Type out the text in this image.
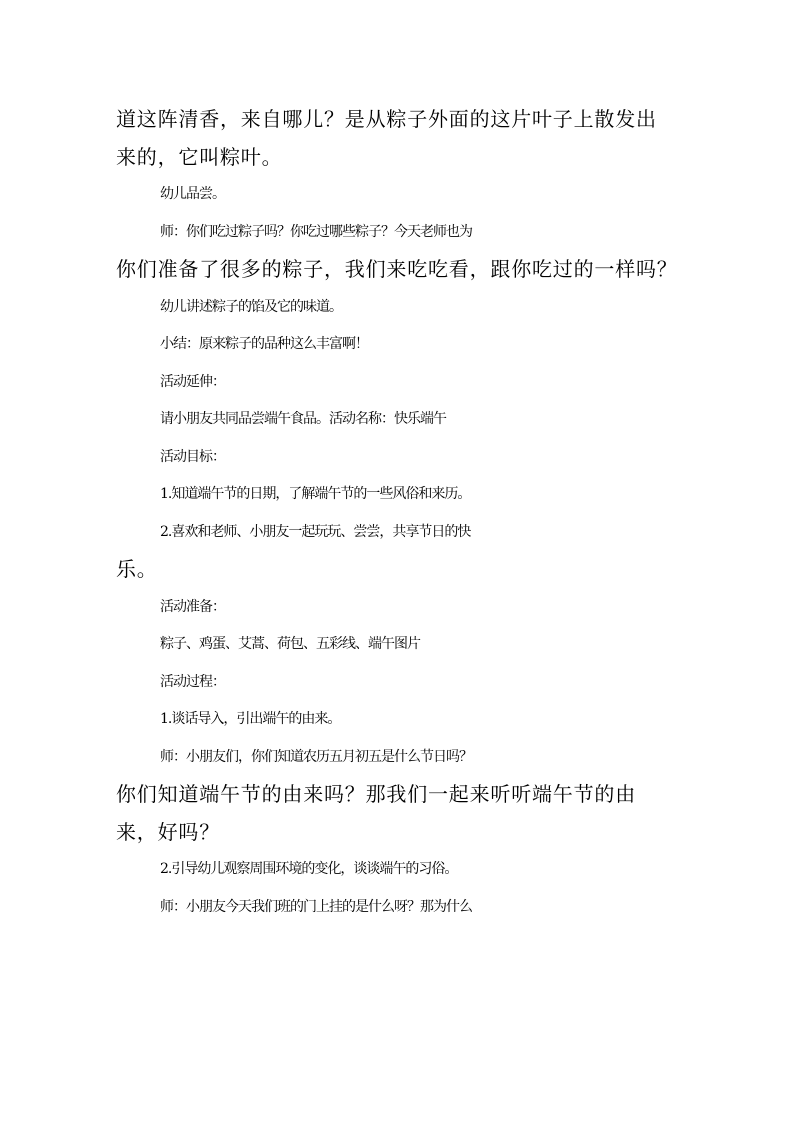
道这阵清香，来自哪儿？是从粽子外面的这片叶子上散发出
来的，它叫粽叶。
幼儿品尝。
师：你们吃过粽子吗？你吃过哪些粽子？今天老师也为
你们准备了很多的粽子，我们来吃吃看，跟你吃过的一样吗？
幼儿讲述粽子的馅及它的味道。
小结：原来粽子的品种这么丰富啊！
活动延伸：
请小朋友共同品尝端午食品。活动名称：快乐端午
活动目标：
1.知道端午节的日期，了解端午节的一些风俗和来历。
2.喜欢和老师、小朋友一起玩玩、尝尝，共享节日的快
乐。
活动准备：
粽子、鸡蛋、艾蒿、荷包、五彩线、端午图片
活动过程：
1.谈话导入，引出端午的由来。
师：小朋友们，你们知道农历五月初五是什么节日吗？
你们知道端午节的由来吗？那我们一起来听听端午节的由
来，好吗？
2.引导幼儿观察周围环境的变化，谈谈端午的习俗。
师：小朋友今天我们班的门上挂的是什么呀？那为什么
